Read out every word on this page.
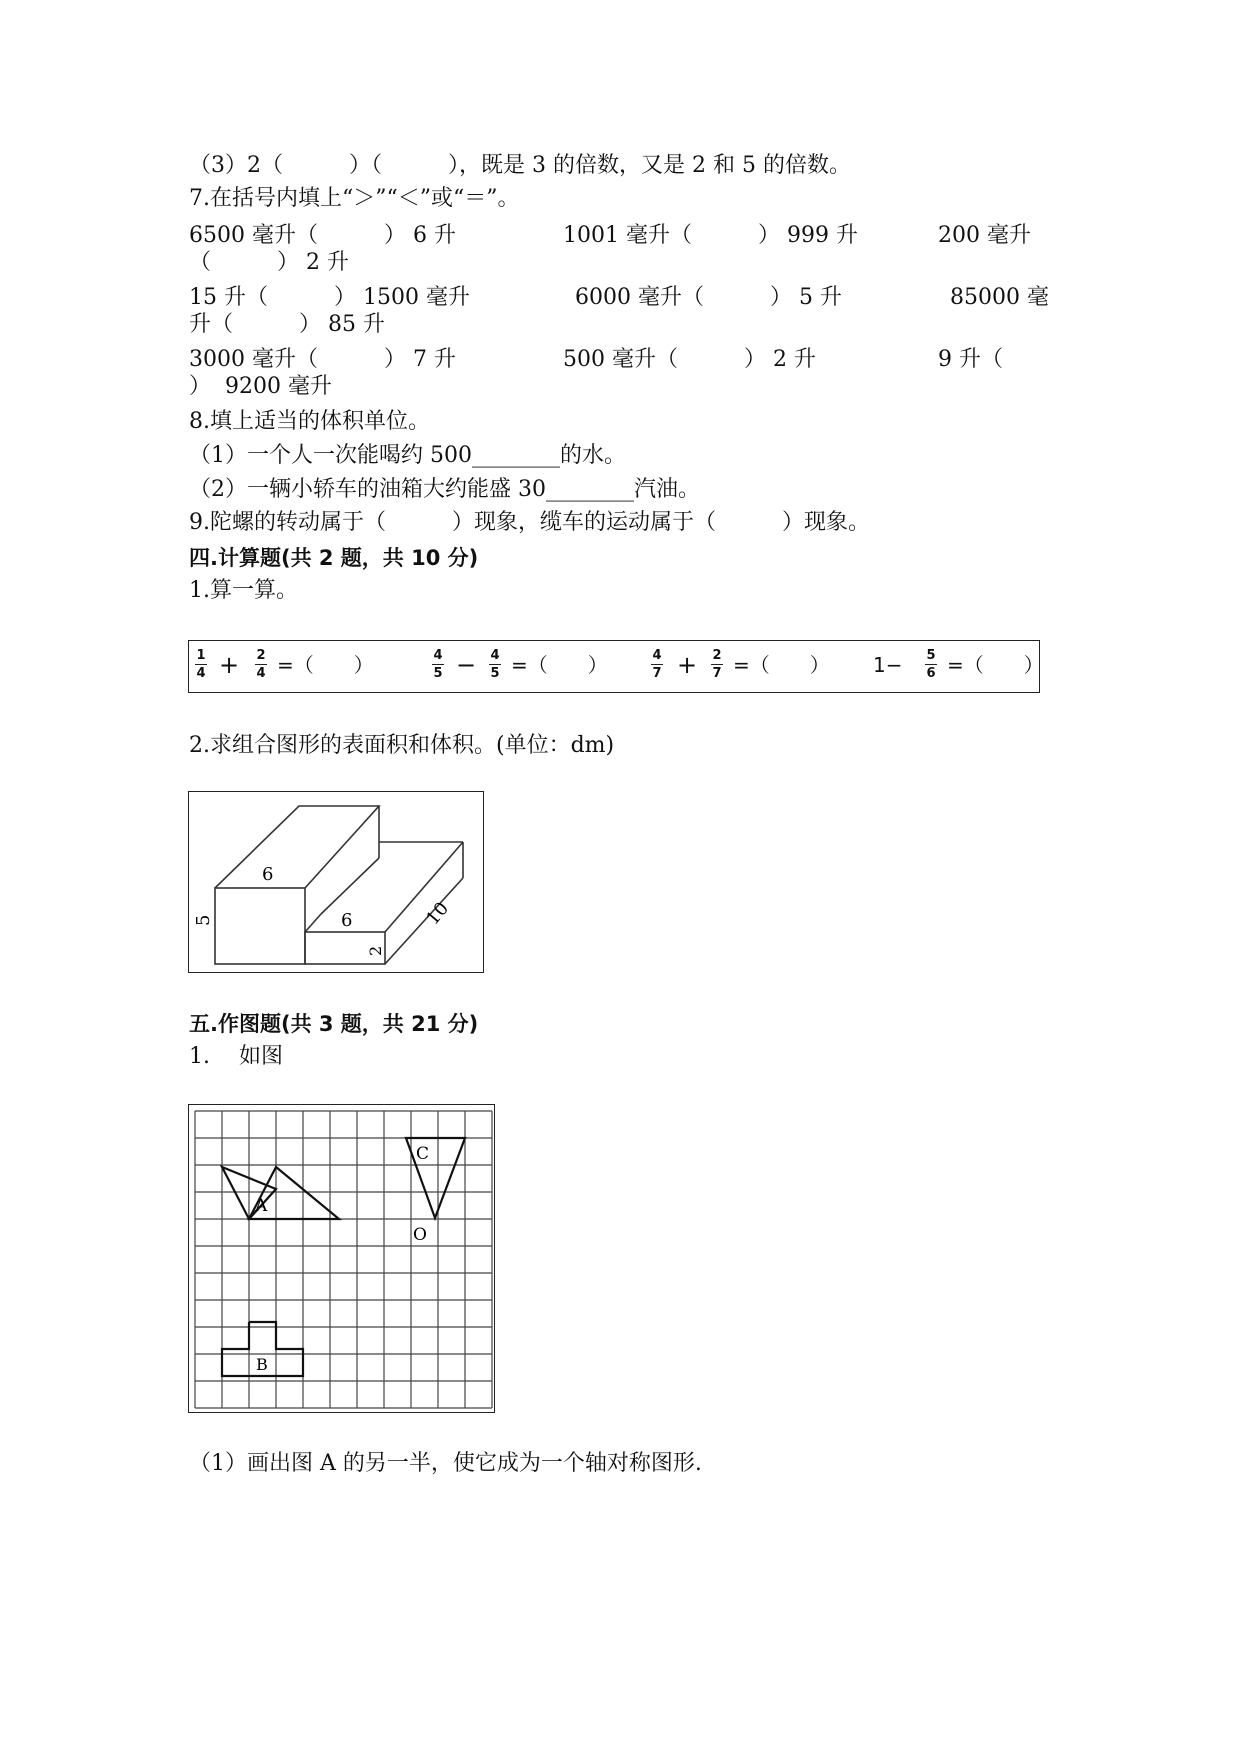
（3）2（　　　）（　　　），既是 3 的倍数，又是 2 和 5 的倍数。
7.在括号内填上“＞”“＜”或“＝”。
6500 毫升（　　　） 6 升	1001 毫升（　　　） 999 升	200 毫升
（　　　） 2 升
15 升（　　　） 1500 毫升	6000 毫升（　　　） 5 升	85000 毫
升（　　　） 85 升
3000 毫升（　　　） 7 升	500 毫升（　　　） 2 升	9 升（
）  9200 毫升
8.填上适当的体积单位。
（1）一个人一次能喝约 500________的水。
（2）一辆小轿车的油箱大约能盛 30________汽油。
9.陀螺的转动属于（　　　）现象，缆车的运动属于（　　　）现象。
四.计算题(共 2 题，共 10 分)
1.算一算。
1
4 + 2
4 =（　　）	4
5 − 4
5 =（　　）	4
7 + 2
7 =（　　） 1− 5
6 =（　　）
2.求组合图形的表面积和体积。(单位：dm)
6
5	6
2
10
五.作图题(共 3 题，共 21 分)
1.　 如图
A
C
O
B
（1）画出图 A 的另一半，使它成为一个轴对称图形.
